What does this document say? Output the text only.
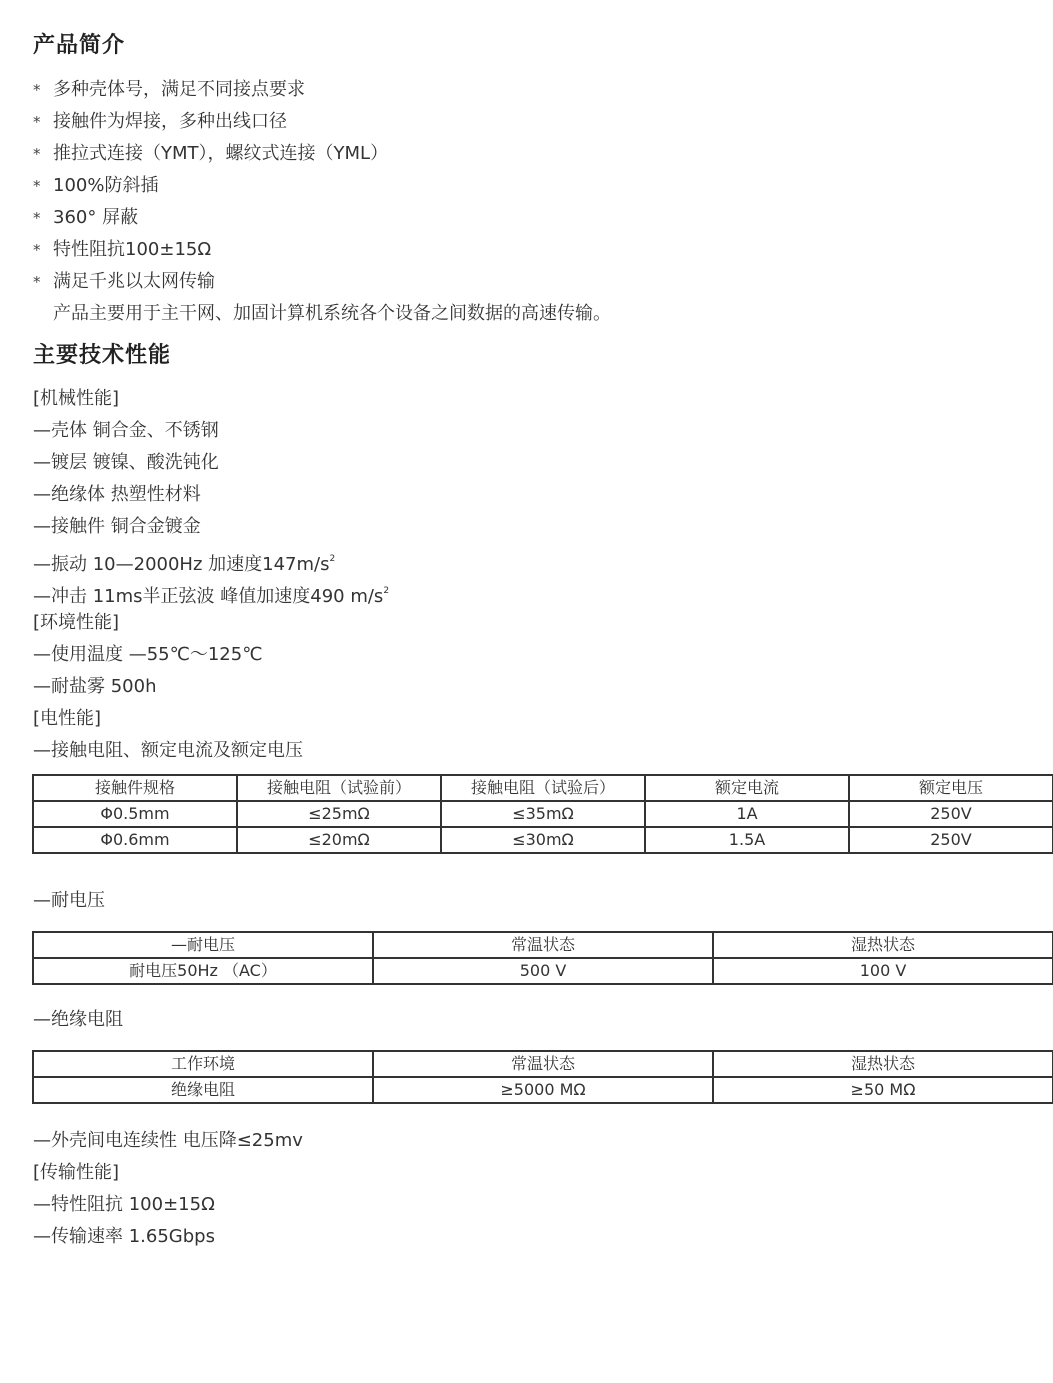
产品简介
* 多种壳体号，满足不同接点要求
* 接触件为焊接，多种出线口径
* 推拉式连接（YMT），螺纹式连接（YML）
* 100%防斜插
* 360° 屏蔽
* 特性阻抗100±15Ω
* 满足千兆以太网传输
产品主要用于主干网、加固计算机系统各个设备之间数据的高速传输。
主要技术性能
[机械性能]
—壳体 铜合金、不锈钢
—镀层 镀镍、酸洗钝化
—绝缘体 热塑性材料
—接触件 铜合金镀金
—振动 10—2000Hz 加速度$147m/s^2$
—冲击 11ms半正弦波 峰值加速度490 $m/s^2$
[环境性能]
—使用温度 —55℃～125℃
—耐盐雾 500h
[电性能]
—接触电阻、额定电流及额定电压
接触件规格	接触电阻（试验前）	接触电阻（试验后）	额定电流	额定电压
Φ0.5mm	≤25mΩ	≤35mΩ	1A	250V
Φ0.6mm	≤20mΩ	≤30mΩ	1.5A	250V
—耐电压
—耐电压	常温状态	湿热状态
耐电压50Hz （AC）	500 V	100 V
—绝缘电阻
工作环境	常温状态	湿热状态
绝缘电阻	≥5000 MΩ	≥50 MΩ
—外壳间电连续性 电压降≤25mv
[传输性能]
—特性阻抗 100±15Ω
—传输速率 1.65Gbps
